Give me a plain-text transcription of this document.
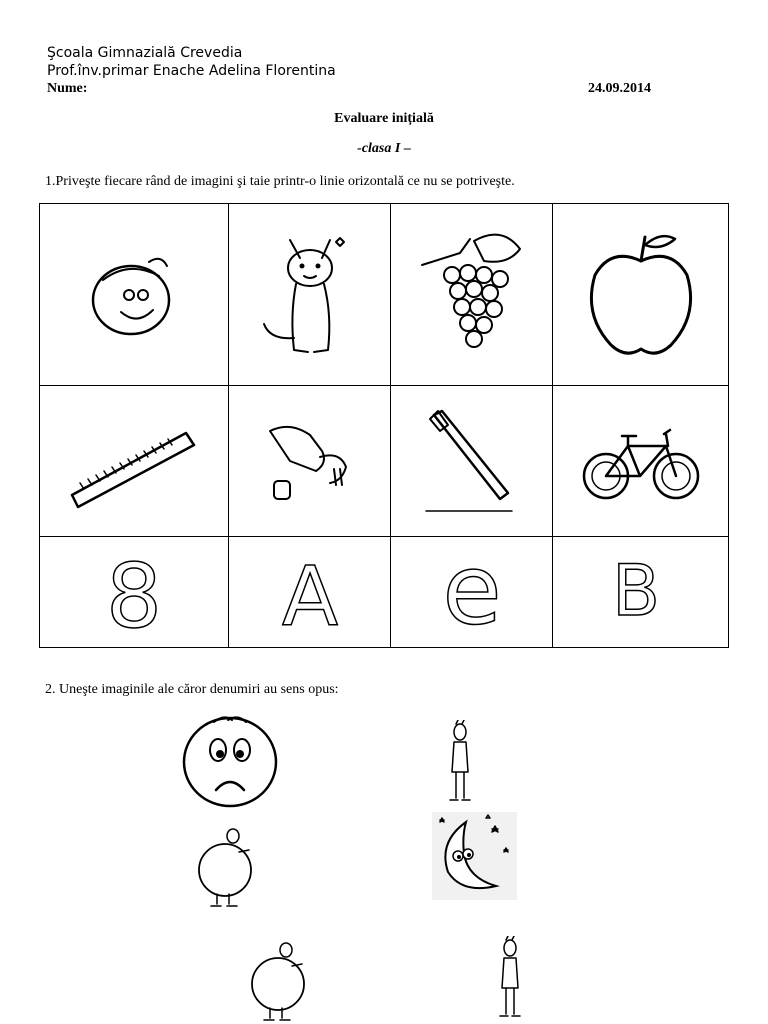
Şcoala Gimnazială Crevedia
Prof.înv.primar Enache Adelina Florentina
Nume:	24.09.2014
Evaluare inițială
-clasa I –
1.Priveşte fiecare rând de imagini şi taie printr-o linie orizontală ce nu se potriveşte.

8	A	e	B
2. Uneşte imaginile ale căror denumiri au sens opus:
